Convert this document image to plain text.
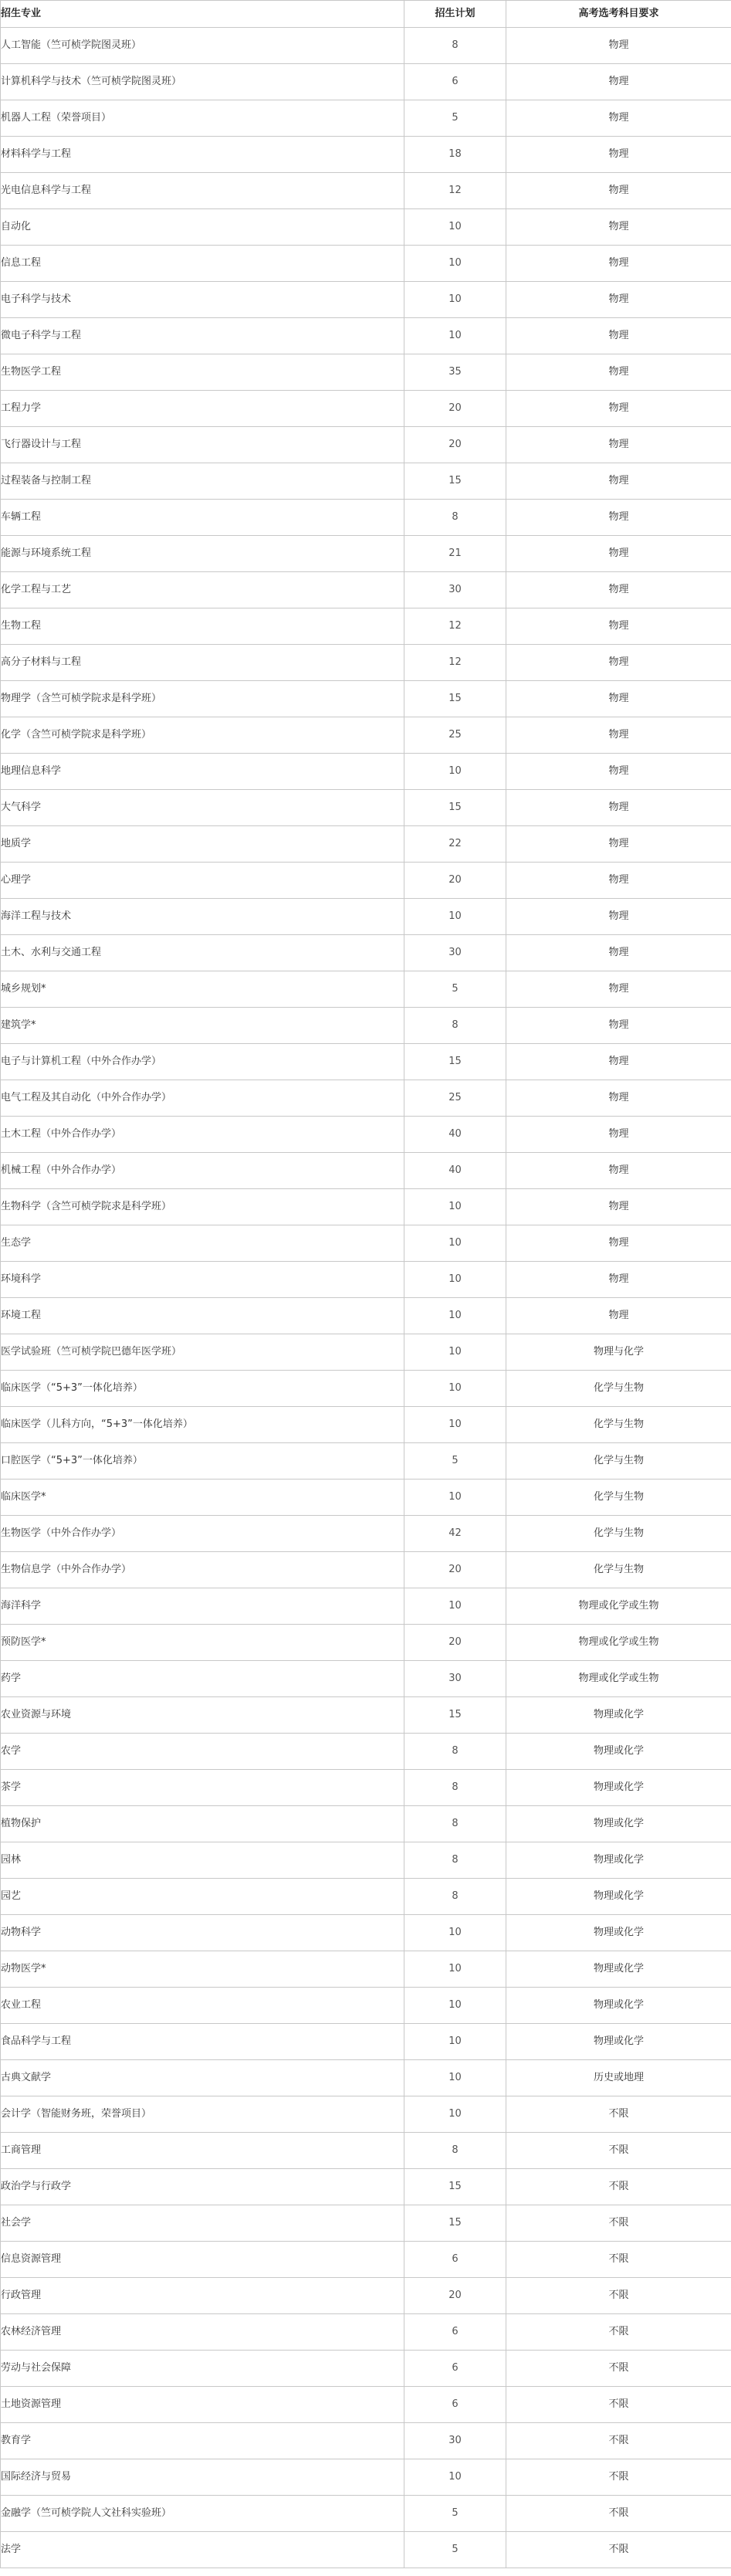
招生专业	招生计划	高考选考科目要求
人工智能（竺可桢学院图灵班）	8	物理
计算机科学与技术（竺可桢学院图灵班）	6	物理
机器人工程（荣誉项目）	5	物理
材料科学与工程	18	物理
光电信息科学与工程	12	物理
自动化	10	物理
信息工程	10	物理
电子科学与技术	10	物理
微电子科学与工程	10	物理
生物医学工程	35	物理
工程力学	20	物理
飞行器设计与工程	20	物理
过程装备与控制工程	15	物理
车辆工程	8	物理
能源与环境系统工程	21	物理
化学工程与工艺	30	物理
生物工程	12	物理
高分子材料与工程	12	物理
物理学（含竺可桢学院求是科学班）	15	物理
化学（含竺可桢学院求是科学班）	25	物理
地理信息科学	10	物理
大气科学	15	物理
地质学	22	物理
心理学	20	物理
海洋工程与技术	10	物理
土木、水利与交通工程	30	物理
城乡规划*	5	物理
建筑学*	8	物理
电子与计算机工程（中外合作办学）	15	物理
电气工程及其自动化（中外合作办学）	25	物理
土木工程（中外合作办学）	40	物理
机械工程（中外合作办学）	40	物理
生物科学（含竺可桢学院求是科学班）	10	物理
生态学	10	物理
环境科学	10	物理
环境工程	10	物理
医学试验班（竺可桢学院巴德年医学班）	10	物理与化学
临床医学（“5+3”一体化培养）	10	化学与生物
临床医学（儿科方向，“5+3”一体化培养）	10	化学与生物
口腔医学（“5+3”一体化培养）	5	化学与生物
临床医学*	10	化学与生物
生物医学（中外合作办学）	42	化学与生物
生物信息学（中外合作办学）	20	化学与生物
海洋科学	10	物理或化学或生物
预防医学*	20	物理或化学或生物
药学	30	物理或化学或生物
农业资源与环境	15	物理或化学
农学	8	物理或化学
茶学	8	物理或化学
植物保护	8	物理或化学
园林	8	物理或化学
园艺	8	物理或化学
动物科学	10	物理或化学
动物医学*	10	物理或化学
农业工程	10	物理或化学
食品科学与工程	10	物理或化学
古典文献学	10	历史或地理
会计学（智能财务班，荣誉项目）	10	不限
工商管理	8	不限
政治学与行政学	15	不限
社会学	15	不限
信息资源管理	6	不限
行政管理	20	不限
农林经济管理	6	不限
劳动与社会保障	6	不限
土地资源管理	6	不限
教育学	30	不限
国际经济与贸易	10	不限
金融学（竺可桢学院人文社科实验班）	5	不限
法学	5	不限
